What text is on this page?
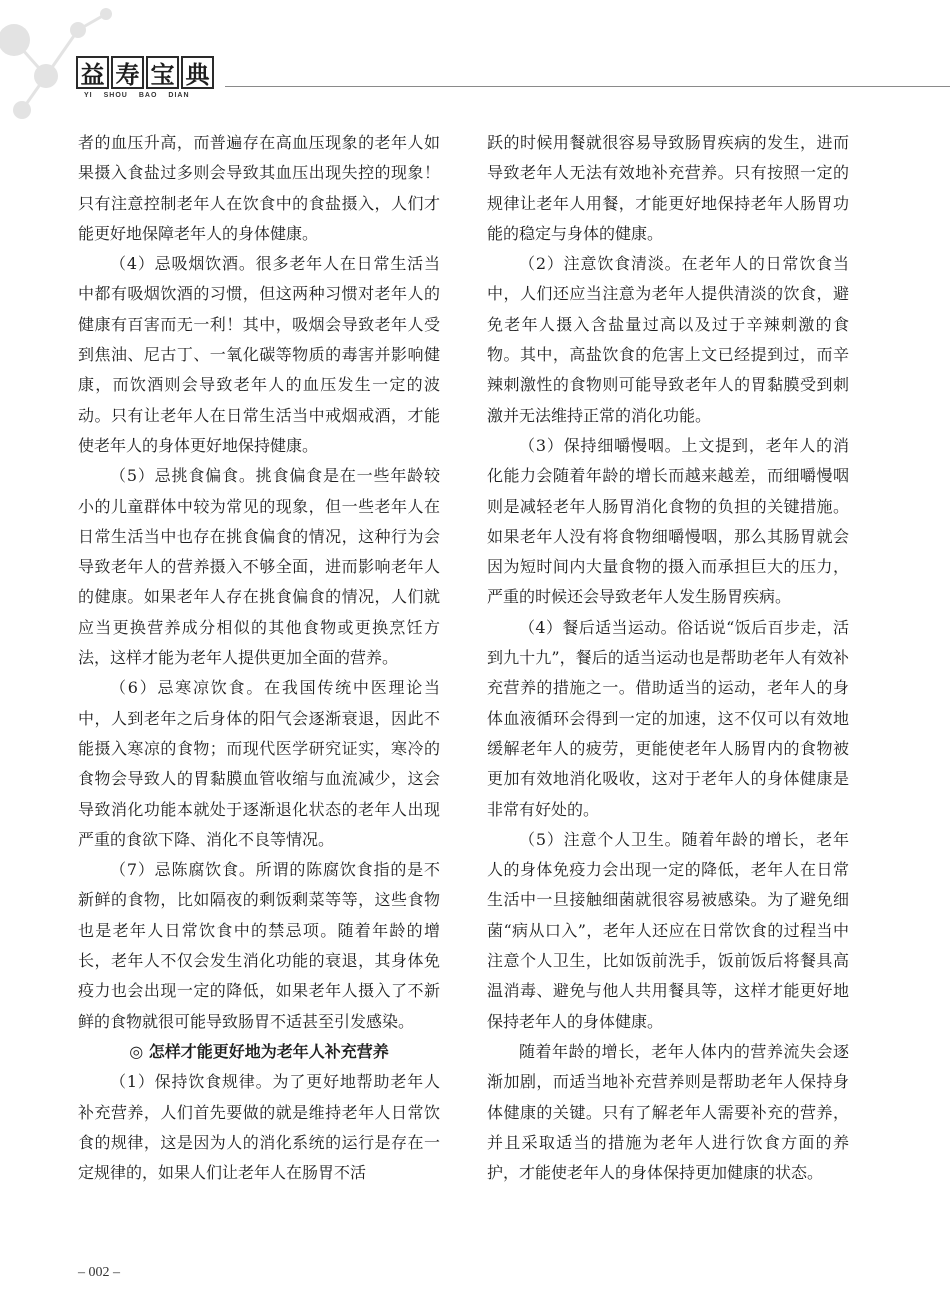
益 寿 宝 典
YI SHOU BAO DIAN

者的血压升高，而普遍存在高血压现象的老年人如果摄入食盐过多则会导致其血压出现失控的现象！只有注意控制老年人在饮食中的食盐摄入，人们才能更好地保障老年人的身体健康。

（4）忌吸烟饮酒。很多老年人在日常生活当中都有吸烟饮酒的习惯，但这两种习惯对老年人的健康有百害而无一利！其中，吸烟会导致老年人受到焦油、尼古丁、一氧化碳等物质的毒害并影响健康，而饮酒则会导致老年人的血压发生一定的波动。只有让老年人在日常生活当中戒烟戒酒，才能使老年人的身体更好地保持健康。

（5）忌挑食偏食。挑食偏食是在一些年龄较小的儿童群体中较为常见的现象，但一些老年人在日常生活当中也存在挑食偏食的情况，这种行为会导致老年人的营养摄入不够全面，进而影响老年人的健康。如果老年人存在挑食偏食的情况，人们就应当更换营养成分相似的其他食物或更换烹饪方法，这样才能为老年人提供更加全面的营养。

（6）忌寒凉饮食。在我国传统中医理论当中，人到老年之后身体的阳气会逐渐衰退，因此不能摄入寒凉的食物；而现代医学研究证实，寒冷的食物会导致人的胃黏膜血管收缩与血流减少，这会导致消化功能本就处于逐渐退化状态的老年人出现严重的食欲下降、消化不良等情况。

（7）忌陈腐饮食。所谓的陈腐饮食指的是不新鲜的食物，比如隔夜的剩饭剩菜等等，这些食物也是老年人日常饮食中的禁忌项。随着年龄的增长，老年人不仅会发生消化功能的衰退，其身体免疫力也会出现一定的降低，如果老年人摄入了不新鲜的食物就很可能导致肠胃不适甚至引发感染。

◎ 怎样才能更好地为老年人补充营养

（1）保持饮食规律。为了更好地帮助老年人补充营养，人们首先要做的就是维持老年人日常饮食的规律，这是因为人的消化系统的运行是存在一定规律的，如果人们让老年人在肠胃不活

跃的时候用餐就很容易导致肠胃疾病的发生，进而导致老年人无法有效地补充营养。只有按照一定的规律让老年人用餐，才能更好地保持老年人肠胃功能的稳定与身体的健康。

（2）注意饮食清淡。在老年人的日常饮食当中，人们还应当注意为老年人提供清淡的饮食，避免老年人摄入含盐量过高以及过于辛辣刺激的食物。其中，高盐饮食的危害上文已经提到过，而辛辣刺激性的食物则可能导致老年人的胃黏膜受到刺激并无法维持正常的消化功能。

（3）保持细嚼慢咽。上文提到，老年人的消化能力会随着年龄的增长而越来越差，而细嚼慢咽则是减轻老年人肠胃消化食物的负担的关键措施。如果老年人没有将食物细嚼慢咽，那么其肠胃就会因为短时间内大量食物的摄入而承担巨大的压力，严重的时候还会导致老年人发生肠胃疾病。

（4）餐后适当运动。俗话说“饭后百步走，活到九十九”，餐后的适当运动也是帮助老年人有效补充营养的措施之一。借助适当的运动，老年人的身体血液循环会得到一定的加速，这不仅可以有效地缓解老年人的疲劳，更能使老年人肠胃内的食物被更加有效地消化吸收，这对于老年人的身体健康是非常有好处的。

（5）注意个人卫生。随着年龄的增长，老年人的身体免疫力会出现一定的降低，老年人在日常生活中一旦接触细菌就很容易被感染。为了避免细菌“病从口入”，老年人还应在日常饮食的过程当中注意个人卫生，比如饭前洗手，饭前饭后将餐具高温消毒、避免与他人共用餐具等，这样才能更好地保持老年人的身体健康。

随着年龄的增长，老年人体内的营养流失会逐渐加剧，而适当地补充营养则是帮助老年人保持身体健康的关键。只有了解老年人需要补充的营养，并且采取适当的措施为老年人进行饮食方面的养护，才能使老年人的身体保持更加健康的状态。

– 002 –
